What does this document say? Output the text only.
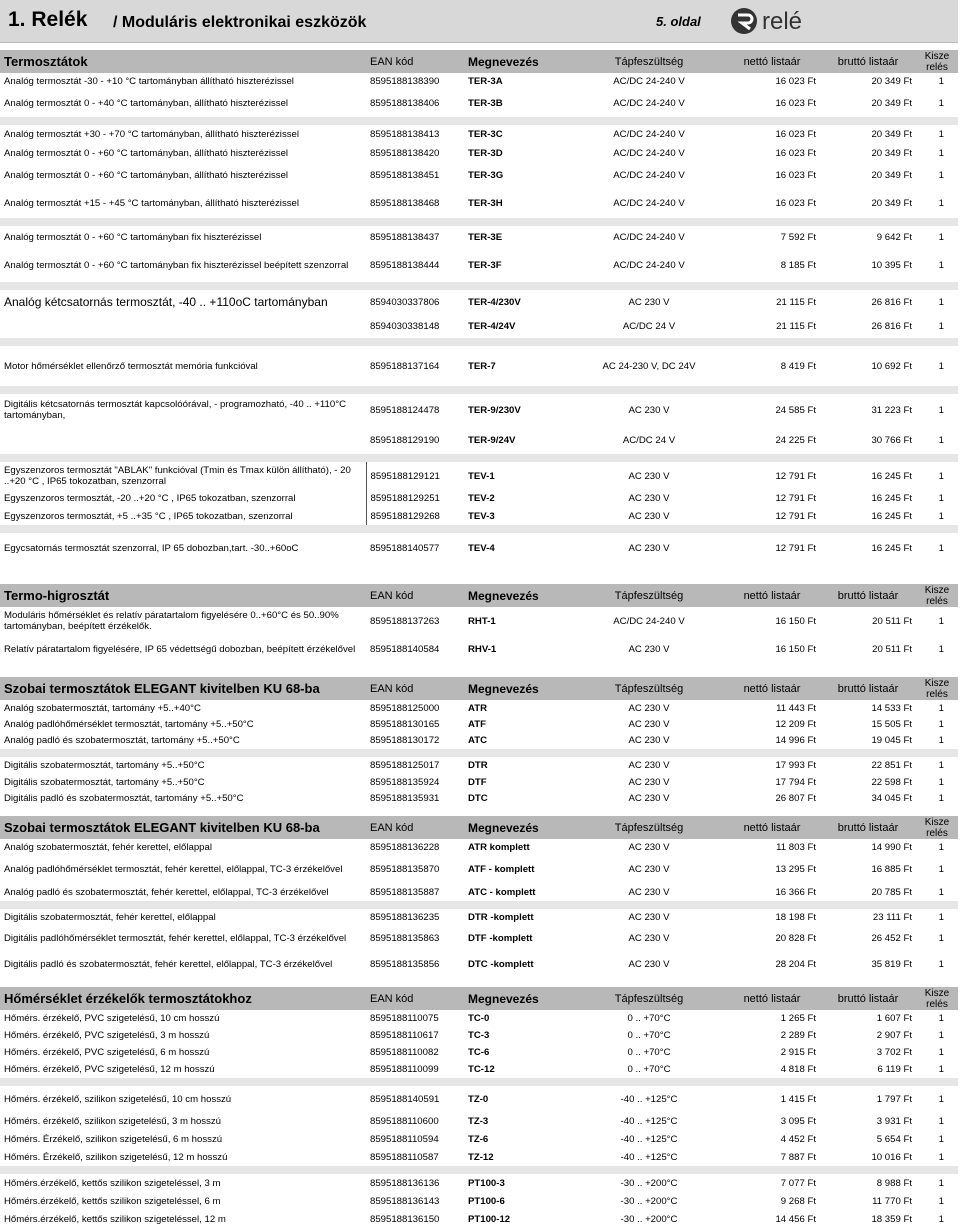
1. Relék / Moduláris elektronikai eszközök	5. oldal	relé
Termosztátok	EAN kód	Megnevezés	Tápfeszültség	nettó listaár	bruttó listaár	Kisze relés
Analóg termosztát -30 - +10 °C tartományban állítható hiszterézissel	8595188138390	TER-3A	AC/DC 24-240 V	16 023 Ft	20 349 Ft	1
Analóg termosztát 0 - +40 °C tartományban, állítható hiszterézissel	8595188138406	TER-3B	AC/DC 24-240 V	16 023 Ft	20 349 Ft	1

Analóg termosztát +30 - +70 °C tartományban, állítható hiszterézissel	8595188138413	TER-3C	AC/DC 24-240 V	16 023 Ft	20 349 Ft	1
Analóg termosztát 0 - +60 °C tartományban, állítható hiszterézissel	8595188138420	TER-3D	AC/DC 24-240 V	16 023 Ft	20 349 Ft	1
Analóg termosztát 0 - +60 °C tartományban, állítható hiszterézissel	8595188138451	TER-3G	AC/DC 24-240 V	16 023 Ft	20 349 Ft	1
Analóg termosztát +15 - +45 °C tartományban, állítható hiszterézissel	8595188138468	TER-3H	AC/DC 24-240 V	16 023 Ft	20 349 Ft	1

Analóg termosztát 0 - +60 °C tartományban fix hiszterézissel	8595188138437	TER-3E	AC/DC 24-240 V	7 592 Ft	9 642 Ft	1
Analóg termosztát 0 - +60 °C tartományban fix hiszterézissel beépített szenzorral	8595188138444	TER-3F	AC/DC 24-240 V	8 185 Ft	10 395 Ft	1

Analóg kétcsatornás termosztát, -40 .. +110oC tartományban	8594030337806	TER-4/230V	AC 230 V	21 115 Ft	26 816 Ft	1
	8594030338148	TER-4/24V	AC/DC 24 V	21 115 Ft	26 816 Ft	1

Motor hőmérséklet ellenőrző termosztát memória funkcióval	8595188137164	TER-7	AC 24-230 V, DC 24V	8 419 Ft	10 692 Ft	1

Digitális kétcsatornás termosztát kapcsolóórával, - programozható, -40 .. +110°C tartományban,	8595188124478	TER-9/230V	AC 230 V	24 585 Ft	31 223 Ft	1
	8595188129190	TER-9/24V	AC/DC 24 V	24 225 Ft	30 766 Ft	1

Egyszenzoros termosztát "ABLAK" funkcióval (Tmin és Tmax külön állítható), - 20 ..+20 °C , IP65 tokozatban, szenzorral	8595188129121	TEV-1	AC 230 V	12 791 Ft	16 245 Ft	1
Egyszenzoros termosztát, -20 ..+20 °C , IP65 tokozatban, szenzorral	8595188129251	TEV-2	AC 230 V	12 791 Ft	16 245 Ft	1
Egyszenzoros termosztát, +5 ..+35 °C , IP65 tokozatban, szenzorral	8595188129268	TEV-3	AC 230 V	12 791 Ft	16 245 Ft	1

Egycsatornás termosztát szenzorral, IP 65 dobozban,tart. -30..+60oC	8595188140577	TEV-4	AC 230 V	12 791 Ft	16 245 Ft	1
Termo-higrosztát	EAN kód	Megnevezés	Tápfeszültség	nettó listaár	bruttó listaár	Kisze relés
Moduláris hőmérséklet és relatív páratartalom figyelésére 0..+60°C és 50..90% tartományban, beépített érzékelők.	8595188137263	RHT-1	AC/DC 24-240 V	16 150 Ft	20 511 Ft	1
Relatív páratartalom figyelésére, IP 65 védettségű dobozban, beépített érzékelővel	8595188140584	RHV-1	AC 230 V	16 150 Ft	20 511 Ft	1
Szobai termosztátok ELEGANT kivitelben KU 68-ba	EAN kód	Megnevezés	Tápfeszültség	nettó listaár	bruttó listaár	Kisze relés
Analóg szobatermosztát, tartomány +5..+40°C	8595188125000	ATR	AC 230 V	11 443 Ft	14 533 Ft	1
Analóg padlóhőmérséklet termosztát, tartomány +5..+50°C	8595188130165	ATF	AC 230 V	12 209 Ft	15 505 Ft	1
Analóg padló és szobatermosztát, tartomány +5..+50°C	8595188130172	ATC	AC 230 V	14 996 Ft	19 045 Ft	1

Digitális szobatermosztát, tartomány +5..+50°C	8595188125017	DTR	AC 230 V	17 993 Ft	22 851 Ft	1
Digitális szobatermosztát, tartomány +5..+50°C	8595188135924	DTF	AC 230 V	17 794 Ft	22 598 Ft	1
Digitális padló és szobatermosztát, tartomány +5..+50°C	8595188135931	DTC	AC 230 V	26 807 Ft	34 045 Ft	1
Szobai termosztátok ELEGANT kivitelben KU 68-ba	EAN kód	Megnevezés	Tápfeszültség	nettó listaár	bruttó listaár	Kisze relés
Analóg szobatermosztát, fehér kerettel, előlappal	8595188136228	ATR komplett	AC 230 V	11 803 Ft	14 990 Ft	1
Analóg padlóhőmérséklet termosztát, fehér kerettel, előlappal, TC-3 érzékelővel	8595188135870	ATF - komplett	AC 230 V	13 295 Ft	16 885 Ft	1
Analóg padló és szobatermosztát, fehér kerettel, előlappal, TC-3 érzékelővel	8595188135887	ATC - komplett	AC 230 V	16 366 Ft	20 785 Ft	1

Digitális szobatermosztát, fehér kerettel, előlappal	8595188136235	DTR -komplett	AC 230 V	18 198 Ft	23 111 Ft	1
Digitális padlóhőmérséklet termosztát, fehér kerettel, előlappal, TC-3 érzékelővel	8595188135863	DTF -komplett	AC 230 V	20 828 Ft	26 452 Ft	1
Digitális padló és szobatermosztát, fehér kerettel, előlappal, TC-3 érzékelővel	8595188135856	DTC -komplett	AC 230 V	28 204 Ft	35 819 Ft	1
Hőmérséklet érzékelők termosztátokhoz	EAN kód	Megnevezés	Tápfeszültség	nettó listaár	bruttó listaár	Kisze relés
Hőmérs. érzékelő, PVC szigetelésű, 10 cm hosszú	8595188110075	TC-0	0 .. +70°C	1 265 Ft	1 607 Ft	1
Hőmérs. érzékelő, PVC szigetelésű, 3 m hosszú	8595188110617	TC-3	0 .. +70°C	2 289 Ft	2 907 Ft	1
Hőmérs. érzékelő, PVC szigetelésű, 6 m hosszú	8595188110082	TC-6	0 .. +70°C	2 915 Ft	3 702 Ft	1
Hőmérs. érzékelő, PVC szigetelésű, 12 m hosszú	8595188110099	TC-12	0 .. +70°C	4 818 Ft	6 119 Ft	1

Hőmérs. érzékelő, szilikon szigetelésű, 10 cm hosszú	8595188140591	TZ-0	-40 .. +125°C	1 415 Ft	1 797 Ft	1
Hőmérs. érzékelő, szilikon szigetelésű, 3 m hosszú	8595188110600	TZ-3	-40 .. +125°C	3 095 Ft	3 931 Ft	1
Hőmérs. Érzékelő, szilikon szigetelésű, 6 m hosszú	8595188110594	TZ-6	-40 .. +125°C	4 452 Ft	5 654 Ft	1
Hőmérs. Érzékelő, szilikon szigetelésű, 12 m hosszú	8595188110587	TZ-12	-40 .. +125°C	7 887 Ft	10 016 Ft	1

Hőmérs.érzékelő, kettős szilikon szigeteléssel, 3 m	8595188136136	PT100-3	-30 .. +200°C	7 077 Ft	8 988 Ft	1
Hőmérs.érzékelő, kettős szilikon szigeteléssel, 6 m	8595188136143	PT100-6	-30 .. +200°C	9 268 Ft	11 770 Ft	1
Hőmérs.érzékelő, kettős szilikon szigeteléssel, 12 m	8595188136150	PT100-12	-30 .. +200°C	14 456 Ft	18 359 Ft	1
